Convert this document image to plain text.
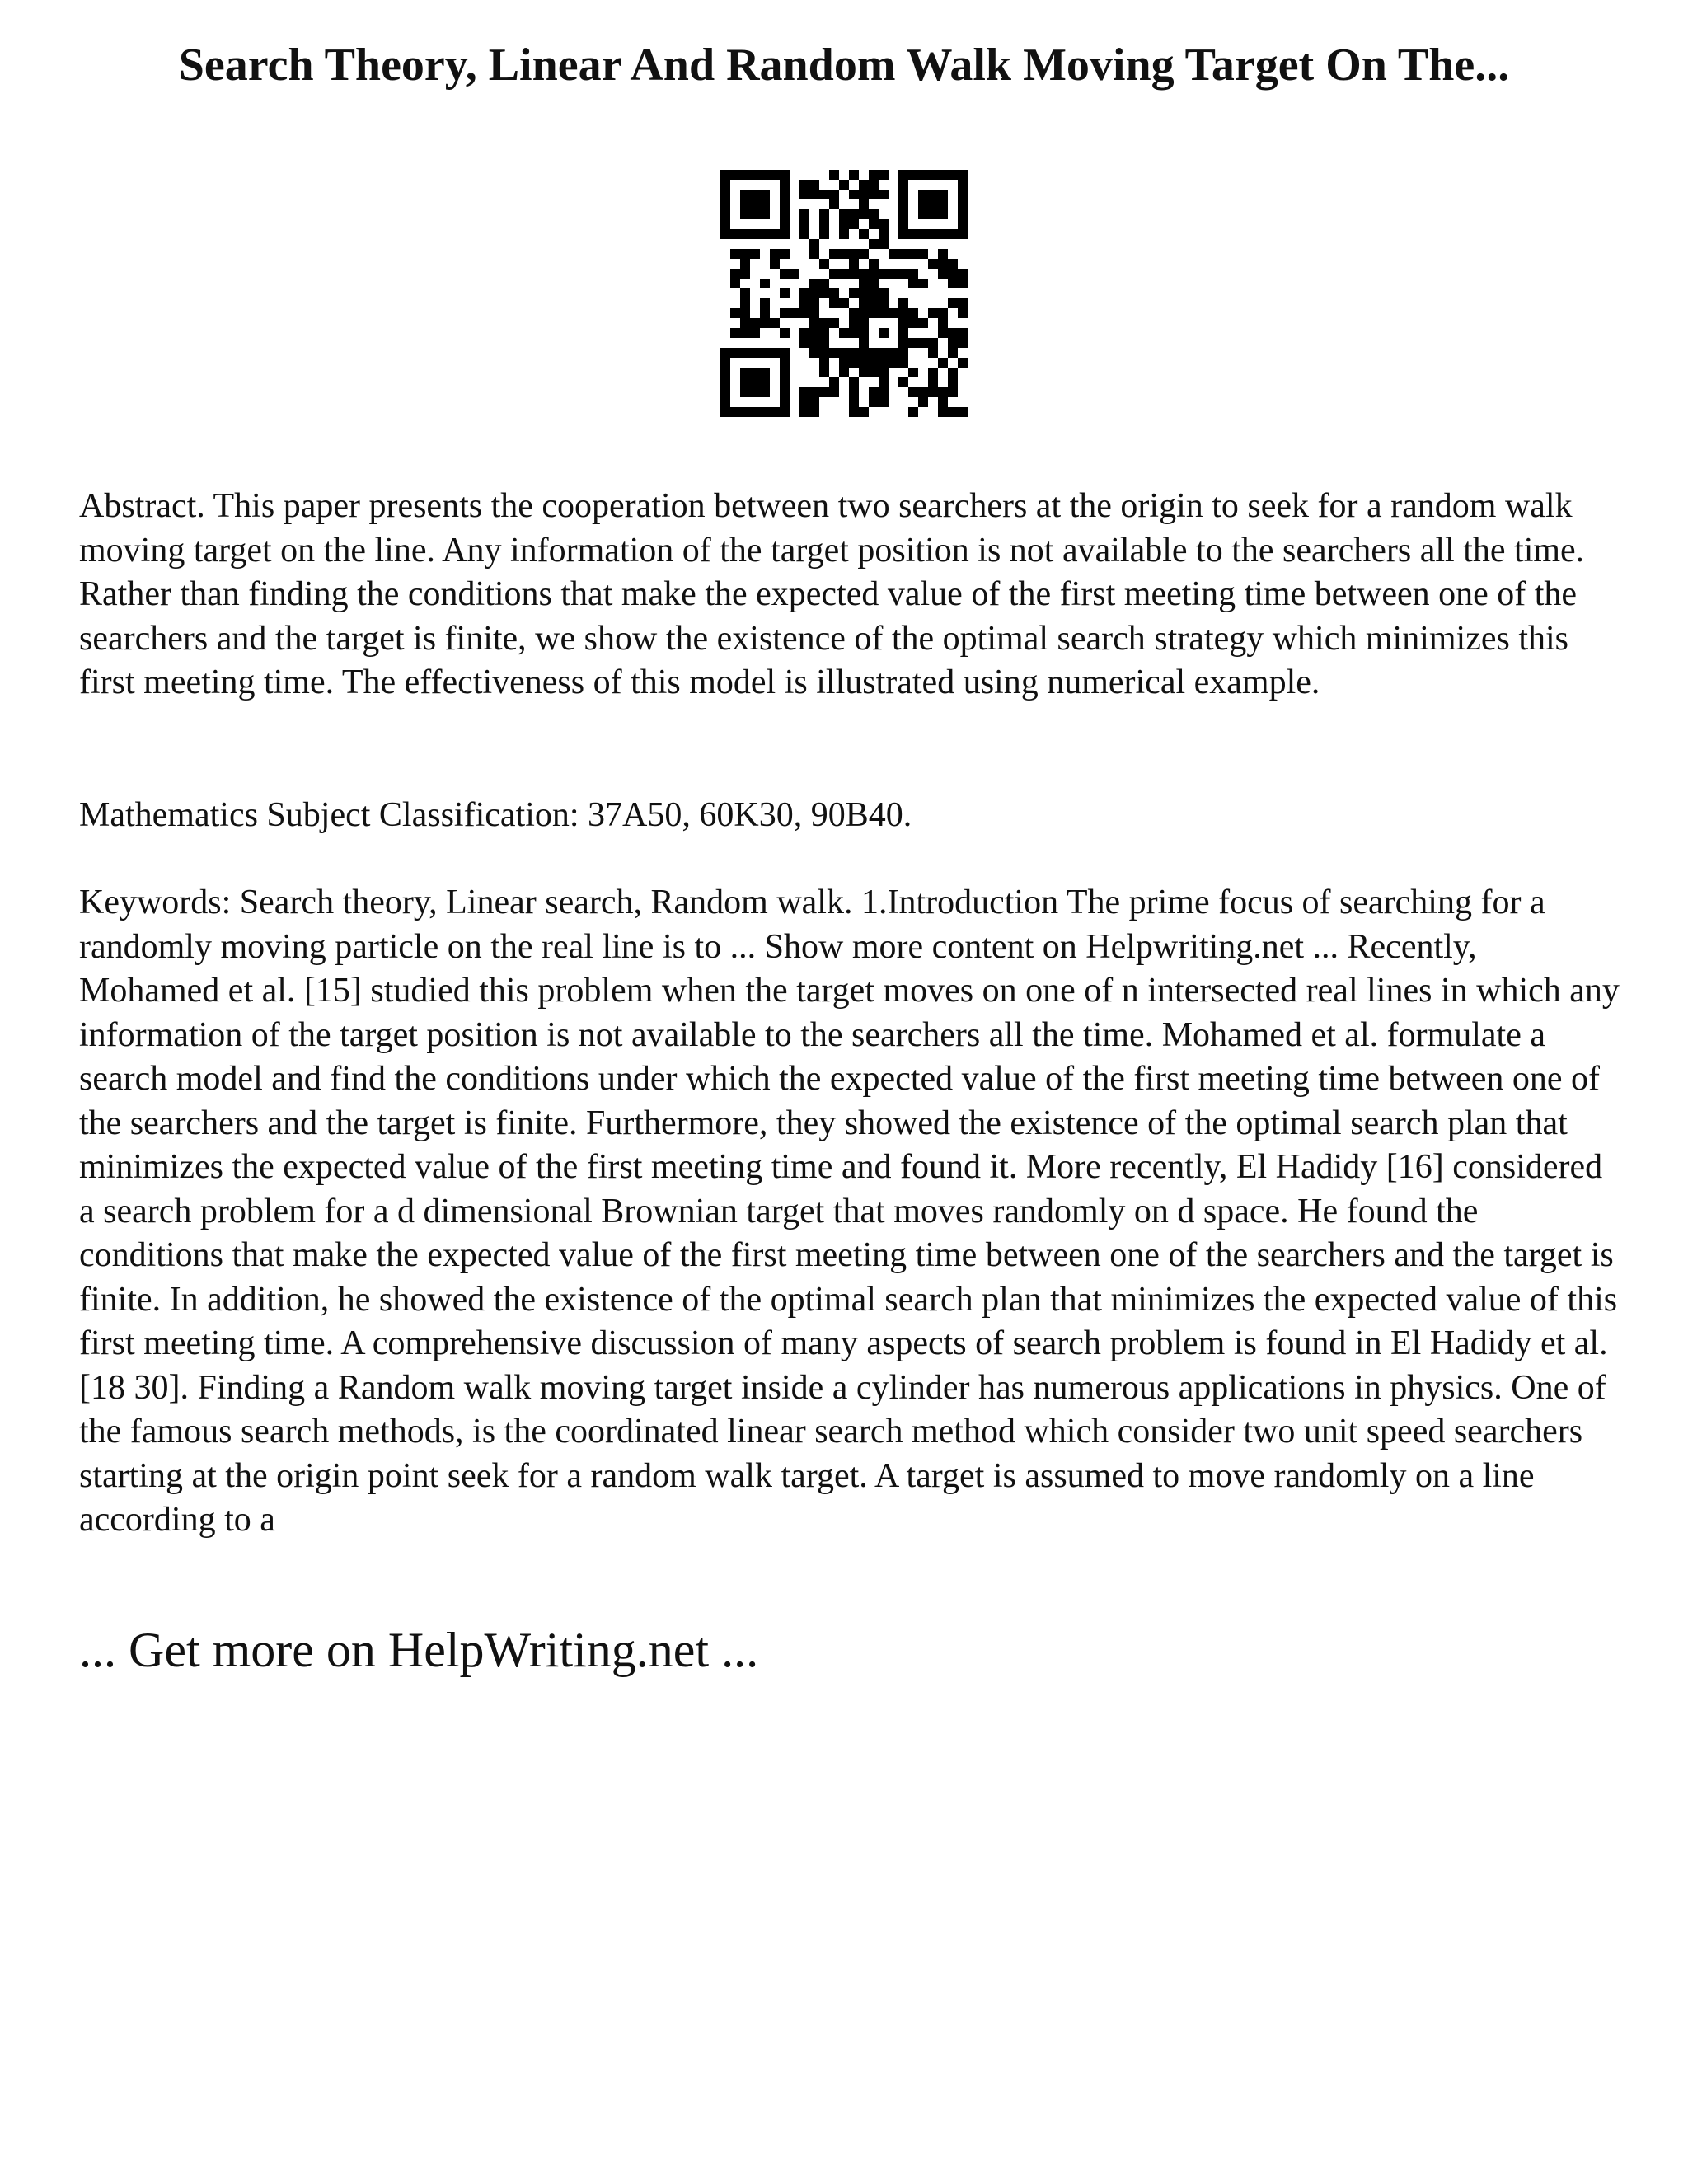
Search Theory, Linear And Random Walk Moving Target On The...

Abstract. This paper presents the cooperation between two searchers at the origin to seek for a random walk moving target on the line. Any information of the target position is not available to the searchers all the time. Rather than finding the conditions that make the expected value of the first meeting time between one of the searchers and the target is finite, we show the existence of the optimal search strategy which minimizes this first meeting time. The effectiveness of this model is illustrated using numerical example.

Mathematics Subject Classification: 37A50, 60K30, 90B40.

Keywords: Search theory, Linear search, Random walk. 1.Introduction The prime focus of searching for a randomly moving particle on the real line is to ... Show more content on Helpwriting.net ... Recently, Mohamed et al. [15] studied this problem when the target moves on one of n intersected real lines in which any information of the target position is not available to the searchers all the time. Mohamed et al. formulate a search model and find the conditions under which the expected value of the first meeting time between one of the searchers and the target is finite. Furthermore, they showed the existence of the optimal search plan that minimizes the expected value of the first meeting time and found it. More recently, El Hadidy [16] considered a search problem for a d dimensional Brownian target that moves randomly on d space. He found the conditions that make the expected value of the first meeting time between one of the searchers and the target is finite. In addition, he showed the existence of the optimal search plan that minimizes the expected value of this first meeting time. A comprehensive discussion of many aspects of search problem is found in El Hadidy et al. [18 30]. Finding a Random walk moving target inside a cylinder has numerous applications in physics. One of the famous search methods, is the coordinated linear search method which consider two unit speed searchers starting at the origin point seek for a random walk target. A target is assumed to move randomly on a line according to a

... Get more on HelpWriting.net ...
